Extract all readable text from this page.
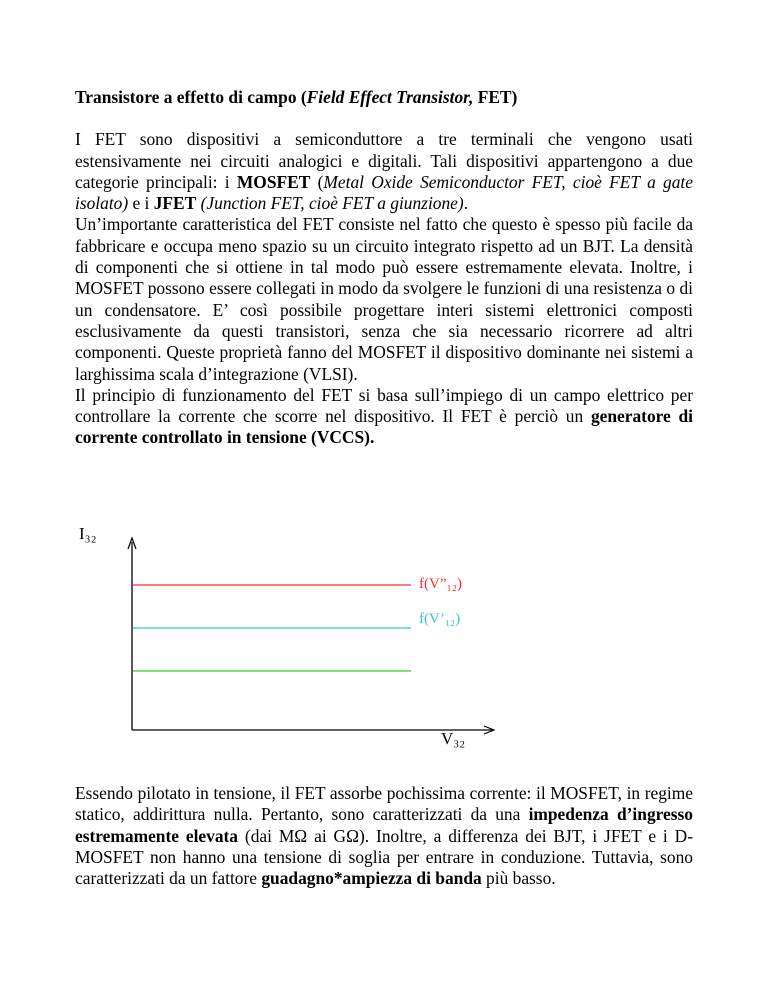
Transistore a effetto di campo (Field Effect Transistor, FET)

I FET sono dispositivi a semiconduttore a tre terminali che vengono usati estensivamente nei circuiti analogici e digitali. Tali dispositivi appartengono a due categorie principali: i MOSFET (Metal Oxide Semiconductor FET, cioè FET a gate isolato) e i JFET (Junction FET, cioè FET a giunzione).

Un’importante caratteristica del FET consiste nel fatto che questo è spesso più facile da fabbricare e occupa meno spazio su un circuito integrato rispetto ad un BJT. La densità di componenti che si ottiene in tal modo può essere estremamente elevata. Inoltre, i MOSFET possono essere collegati in modo da svolgere le funzioni di una resistenza o di un condensatore. E’ così possibile progettare interi sistemi elettronici composti esclusivamente da questi transistori, senza che sia necessario ricorrere ad altri componenti. Queste proprietà fanno del MOSFET il dispositivo dominante nei sistemi a larghissima scala d’integrazione (VLSI).

Il principio di funzionamento del FET si basa sull’impiego di un campo elettrico per controllare la corrente che scorre nel dispositivo. Il FET è perciò un generatore di corrente controllato in tensione (VCCS).

I₃₂
V₃₂
f(V”₁₂)
f(V’₁₂)

Essendo pilotato in tensione, il FET assorbe pochissima corrente: il MOSFET, in regime statico, addirittura nulla. Pertanto, sono caratterizzati da una impedenza d’ingresso estremamente elevata (dai MΩ ai GΩ). Inoltre, a differenza dei BJT, i JFET e i D-MOSFET non hanno una tensione di soglia per entrare in conduzione. Tuttavia, sono caratterizzati da un fattore guadagno*ampiezza di banda più basso.
